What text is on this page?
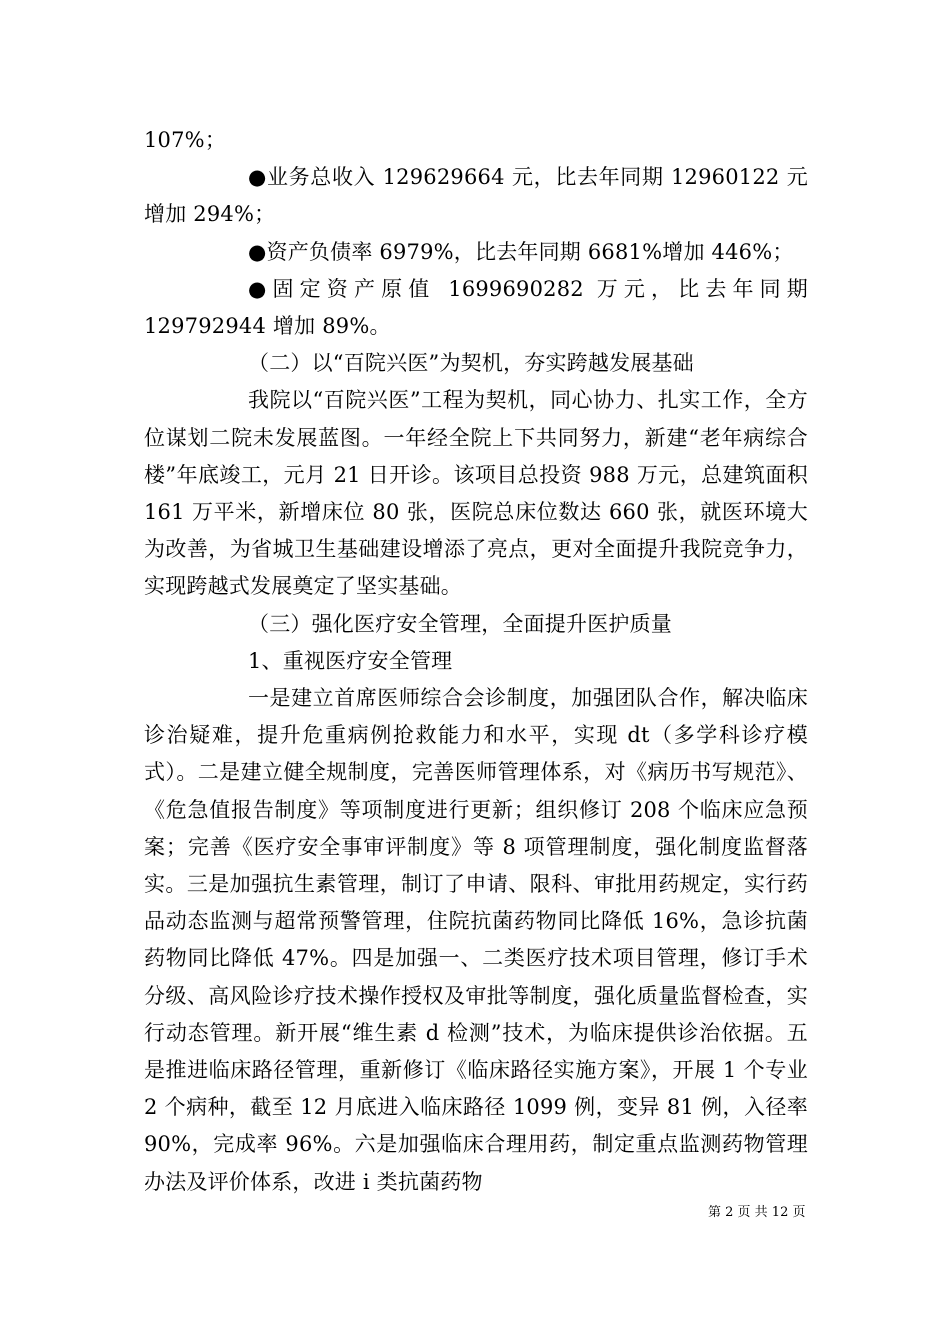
107%；

●业务总收入 129629664 元，比去年同期 12960122 元增加 294%；

●资产负债率 6979%，比去年同期 6681%增加 446%；

●固定资产原值 1699690282 万元，比去年同期 129792944 增加 89%。

（二）以“百院兴医”为契机，夯实跨越发展基础

我院以“百院兴医”工程为契机，同心协力、扎实工作，全方位谋划二院未发展蓝图。一年经全院上下共同努力，新建“老年病综合楼”年底竣工，元月 21 日开诊。该项目总投资 988 万元，总建筑面积 161 万平米，新增床位 80 张，医院总床位数达 660 张，就医环境大为改善，为省城卫生基础建设增添了亮点，更对全面提升我院竞争力，实现跨越式发展奠定了坚实基础。

（三）强化医疗安全管理，全面提升医护质量

1、重视医疗安全管理

一是建立首席医师综合会诊制度，加强团队合作，解决临床诊治疑难，提升危重病例抢救能力和水平，实现 dt（多学科诊疗模式）。二是建立健全规制度，完善医师管理体系，对《病历书写规范》、《危急值报告制度》等项制度进行更新；组织修订 208 个临床应急预案；完善《医疗安全事审评制度》等 8 项管理制度，强化制度监督落实。三是加强抗生素管理，制订了申请、限科、审批用药规定，实行药品动态监测与超常预警管理，住院抗菌药物同比降低 16%，急诊抗菌药物同比降低 47%。四是加强一、二类医疗技术项目管理，修订手术分级、高风险诊疗技术操作授权及审批等制度，强化质量监督检查，实行动态管理。新开展“维生素 d 检测”技术，为临床提供诊治依据。五是推进临床路径管理，重新修订《临床路径实施方案》，开展 1 个专业 2 个病种，截至 12 月底进入临床路径 1099 例，变异 81 例，入径率 90%，完成率 96%。六是加强临床合理用药，制定重点监测药物管理办法及评价体系，改进 i 类抗菌药物

第 2 页 共 12 页
